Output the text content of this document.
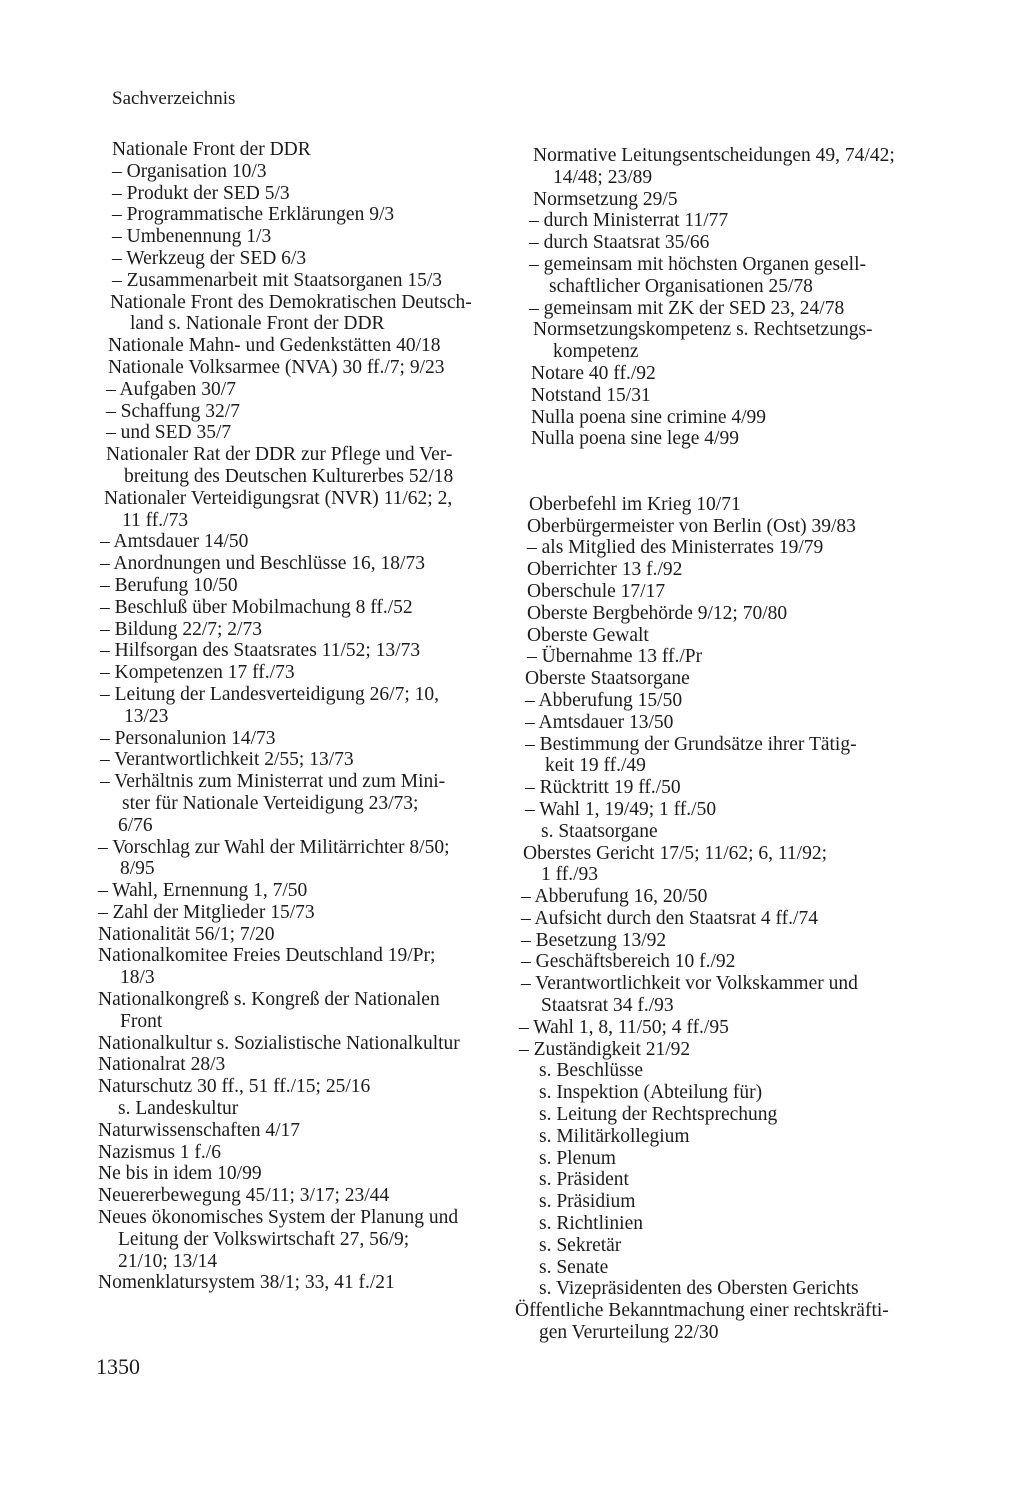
Sachverzeichnis
Nationale Front der DDR
– Organisation 10/3
– Produkt der SED 5/3
– Programmatische Erklärungen 9/3
– Umbenennung 1/3
– Werkzeug der SED 6/3
– Zusammenarbeit mit Staatsorganen 15/3
Nationale Front des Demokratischen Deutsch-
land s. Nationale Front der DDR
Nationale Mahn- und Gedenkstätten 40/18
Nationale Volksarmee (NVA) 30 ff./7; 9/23
– Aufgaben 30/7
– Schaffung 32/7
– und SED 35/7
Nationaler Rat der DDR zur Pflege und Ver-
breitung des Deutschen Kulturerbes 52/18
Nationaler Verteidigungsrat (NVR) 11/62; 2,
11 ff./73
– Amtsdauer 14/50
– Anordnungen und Beschlüsse 16, 18/73
– Berufung 10/50
– Beschluß über Mobilmachung 8 ff./52
– Bildung 22/7; 2/73
– Hilfsorgan des Staatsrates 11/52; 13/73
– Kompetenzen 17 ff./73
– Leitung der Landesverteidigung 26/7; 10,
13/23
– Personalunion 14/73
– Verantwortlichkeit 2/55; 13/73
– Verhältnis zum Ministerrat und zum Mini-
ster für Nationale Verteidigung 23/73;
6/76
– Vorschlag zur Wahl der Militärrichter 8/50;
8/95
– Wahl, Ernennung 1, 7/50
– Zahl der Mitglieder 15/73
Nationalität 56/1; 7/20
Nationalkomitee Freies Deutschland 19/Pr;
18/3
Nationalkongreß s. Kongreß der Nationalen
Front
Nationalkultur s. Sozialistische Nationalkultur
Nationalrat 28/3
Naturschutz 30 ff., 51 ff./15; 25/16
s. Landeskultur
Naturwissenschaften 4/17
Nazismus 1 f./6
Ne bis in idem 10/99
Neuererbewegung 45/11; 3/17; 23/44
Neues ökonomisches System der Planung und
Leitung der Volkswirtschaft 27, 56/9;
21/10; 13/14
Nomenklatursystem 38/1; 33, 41 f./21
Normative Leitungsentscheidungen 49, 74/42;
14/48; 23/89
Normsetzung 29/5
– durch Ministerrat 11/77
– durch Staatsrat 35/66
– gemeinsam mit höchsten Organen gesell-
schaftlicher Organisationen 25/78
– gemeinsam mit ZK der SED 23, 24/78
Normsetzungskompetenz s. Rechtsetzungs-
kompetenz
Notare 40 ff./92
Notstand 15/31
Nulla poena sine crimine 4/99
Nulla poena sine lege 4/99
Oberbefehl im Krieg 10/71
Oberbürgermeister von Berlin (Ost) 39/83
– als Mitglied des Ministerrates 19/79
Oberrichter 13 f./92
Oberschule 17/17
Oberste Bergbehörde 9/12; 70/80
Oberste Gewalt
– Übernahme 13 ff./Pr
Oberste Staatsorgane
– Abberufung 15/50
– Amtsdauer 13/50
– Bestimmung der Grundsätze ihrer Tätig-
keit 19 ff./49
– Rücktritt 19 ff./50
– Wahl 1, 19/49; 1 ff./50
s. Staatsorgane
Oberstes Gericht 17/5; 11/62; 6, 11/92;
1 ff./93
– Abberufung 16, 20/50
– Aufsicht durch den Staatsrat 4 ff./74
– Besetzung 13/92
– Geschäftsbereich 10 f./92
– Verantwortlichkeit vor Volkskammer und
Staatsrat 34 f./93
– Wahl 1, 8, 11/50; 4 ff./95
– Zuständigkeit 21/92
s. Beschlüsse
s. Inspektion (Abteilung für)
s. Leitung der Rechtsprechung
s. Militärkollegium
s. Plenum
s. Präsident
s. Präsidium
s. Richtlinien
s. Sekretär
s. Senate
s. Vizepräsidenten des Obersten Gerichts
Öffentliche Bekanntmachung einer rechtskräfti-
gen Verurteilung 22/30
1350
